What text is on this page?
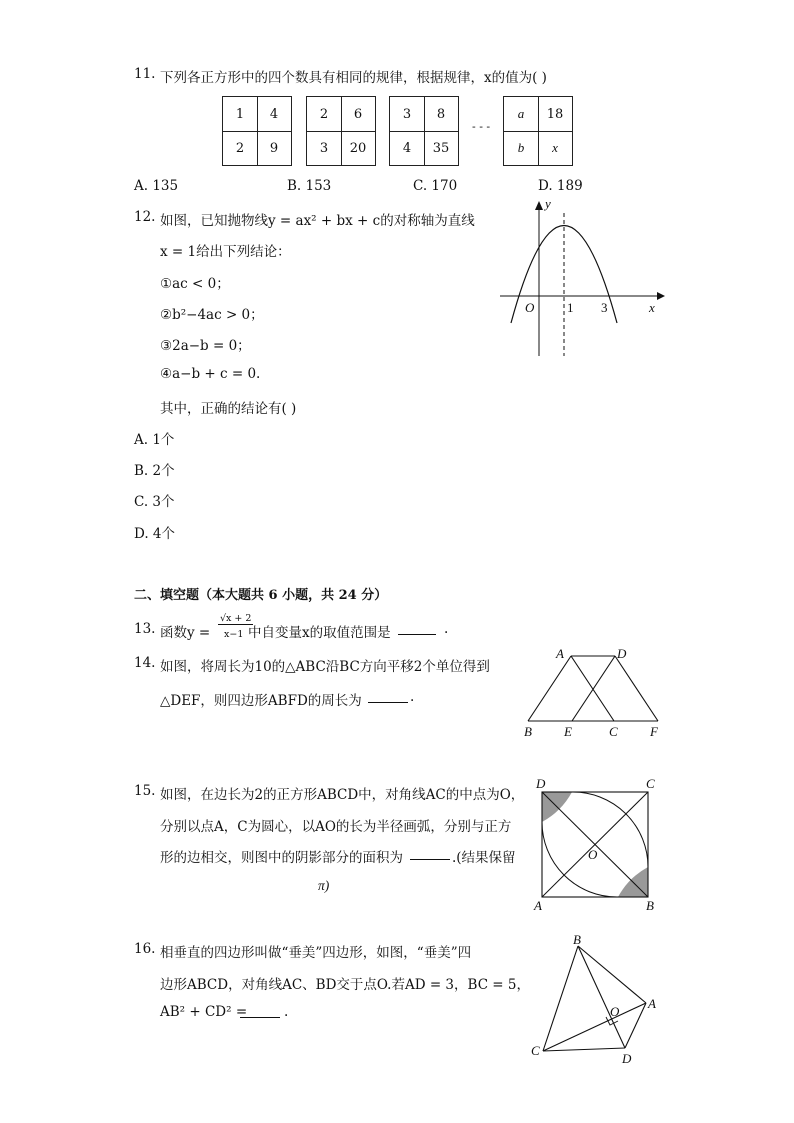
11. 下列各正方形中的四个数具有相同的规律，根据规律，x的值为( )
1	4
2	9
2	6
3	20
3	8
4	35
- - -
a	18
b	x
A. 135	B. 153	C. 170	D. 189
12. 如图，已知抛物线y = ax² + bx + c的对称轴为直线
x = 1给出下列结论：
①ac < 0；
②b²−4ac > 0；
③2a−b = 0；
④a−b + c = 0.
其中，正确的结论有( )
A. 1个
B. 2个
C. 3个
D. 4个
y
x
O	1 3
二、填空题（本大题共 6 小题，共 24 分）
13. 函数y =
√x + 2
x−1 中自变量x的取值范围是	.
14. 如图，将周长为10的△ABC沿BC方向平移2个单位得到
△DEF，则四边形ABFD的周长为	.
A	D
B E	C F
15. 如图，在边长为2的正方形ABCD中，对角线AC的中点为O，
分别以点A，C为圆心，以AO的长为半径画弧，分别与正方
形的边相交，则图中的阴影部分的面积为	.(结果保留
π)
D	C
A	B
O
16. 相垂直的四边形叫做“垂美”四边形，如图，“垂美”四
边形ABCD，对角线AC、BD交于点O.若AD = 3，BC = 5，
AB² + CD² =	.
B
A
C
D
O
